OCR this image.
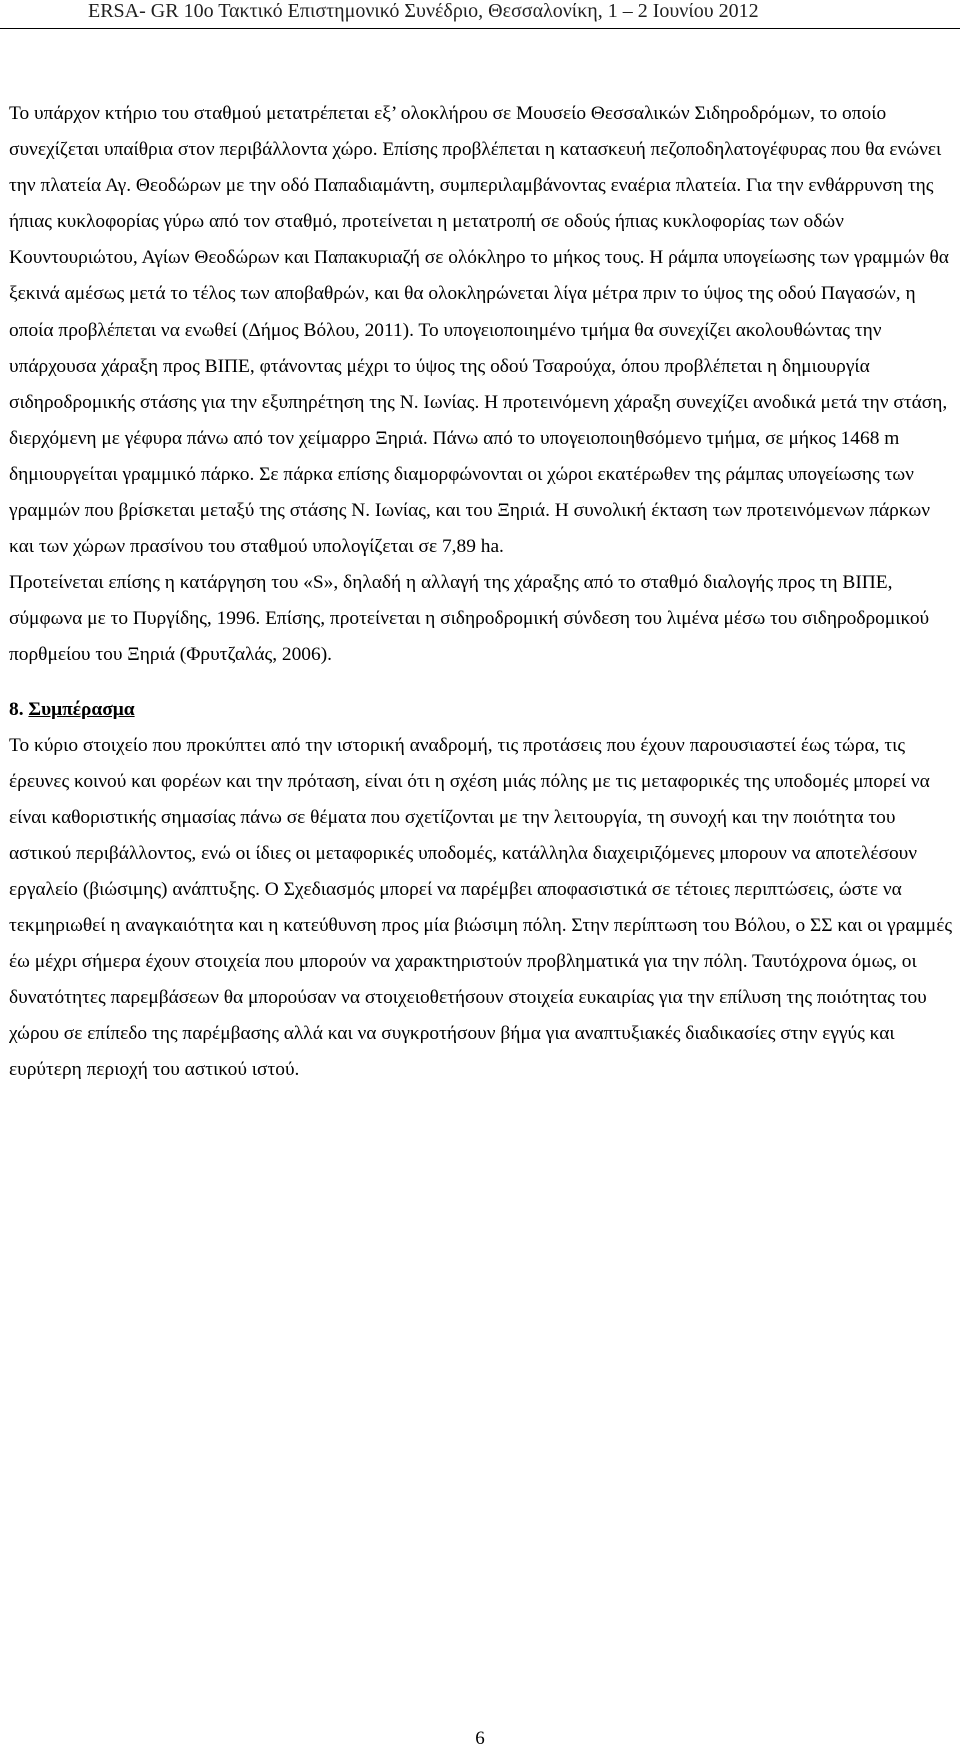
ERSA- GR 10ο Τακτικό Επιστημονικό Συνέδριο, Θεσσαλονίκη, 1 – 2 Ιουνίου 2012

Το υπάρχον κτήριο του σταθμού μετατρέπεται εξ’ ολοκλήρου σε Μουσείο Θεσσαλικών Σιδηροδρόμων, το οποίο συνεχίζεται υπαίθρια στον περιβάλλοντα χώρο. Επίσης προβλέπεται η κατασκευή πεζοποδηλατογέφυρας που θα ενώνει την πλατεία Αγ. Θεοδώρων με την οδό Παπαδιαμάντη, συμπεριλαμβάνοντας εναέρια πλατεία. Για την ενθάρρυνση της ήπιας κυκλοφορίας γύρω από τον σταθμό, προτείνεται η μετατροπή σε οδούς ήπιας κυκλοφορίας των οδών Κουντουριώτου, Αγίων Θεοδώρων και Παπακυριαζή σε ολόκληρο το μήκος τους. Η ράμπα υπογείωσης των γραμμών θα ξεκινά αμέσως μετά το τέλος των αποβαθρών, και θα ολοκληρώνεται λίγα μέτρα πριν το ύψος της οδού Παγασών, η οποία προβλέπεται να ενωθεί (Δήμος Βόλου, 2011). Το υπογειοποιημένο τμήμα θα συνεχίζει ακολουθώντας την υπάρχουσα χάραξη προς ΒΙΠΕ, φτάνοντας μέχρι το ύψος της οδού Τσαρούχα, όπου προβλέπεται η δημιουργία σιδηροδρομικής στάσης για την εξυπηρέτηση της Ν. Ιωνίας. Η προτεινόμενη χάραξη συνεχίζει ανοδικά μετά την στάση, διερχόμενη με γέφυρα πάνω από τον χείμαρρο Ξηριά. Πάνω από το υπογειοποιηθσόμενο τμήμα, σε μήκος 1468 m δημιουργείται γραμμικό πάρκο. Σε πάρκα επίσης διαμορφώνονται οι χώροι εκατέρωθεν της ράμπας υπογείωσης των γραμμών που βρίσκεται μεταξύ της στάσης Ν. Ιωνίας, και του Ξηριά. Η συνολική έκταση των προτεινόμενων πάρκων και των χώρων πρασίνου του σταθμού υπολογίζεται σε 7,89 ha.

Προτείνεται επίσης η κατάργηση του «S», δηλαδή η αλλαγή της χάραξης από το σταθμό διαλογής προς τη ΒΙΠΕ, σύμφωνα με το Πυργίδης, 1996. Επίσης, προτείνεται η σιδηροδρομική σύνδεση του λιμένα μέσω του σιδηροδρομικού πορθμείου του Ξηριά (Φρυτζαλάς, 2006).

8. Συμπέρασμα

Το κύριο στοιχείο που προκύπτει από την ιστορική αναδρομή, τις προτάσεις που έχουν παρουσιαστεί έως τώρα, τις έρευνες κοινού και φορέων και την πρόταση, είναι ότι η σχέση μιάς πόλης με τις μεταφορικές της υποδομές μπορεί να είναι καθοριστικής σημασίας πάνω σε θέματα που σχετίζονται με την λειτουργία, τη συνοχή και την ποιότητα του αστικού περιβάλλοντος, ενώ οι ίδιες οι μεταφορικές υποδομές, κατάλληλα διαχειριζόμενες μπορουν να αποτελέσουν εργαλείο (βιώσιμης) ανάπτυξης. Ο Σχεδιασμός μπορεί να παρέμβει αποφασιστικά σε τέτοιες περιπτώσεις, ώστε να τεκμηριωθεί η αναγκαιότητα και η κατεύθυνση προς μία βιώσιμη πόλη. Στην περίπτωση του Βόλου, ο ΣΣ και οι γραμμές έω μέχρι σήμερα έχουν στοιχεία που μπορούν να χαρακτηριστούν προβληματικά για την πόλη. Ταυτόχρονα όμως, οι δυνατότητες παρεμβάσεων θα μπορούσαν να στοιχειοθετήσουν στοιχεία ευκαιρίας για την επίλυση της ποιότητας του χώρου σε επίπεδο της παρέμβασης αλλά και να συγκροτήσουν βήμα για αναπτυξιακές διαδικασίες στην εγγύς και ευρύτερη περιοχή του αστικού ιστού.

6
